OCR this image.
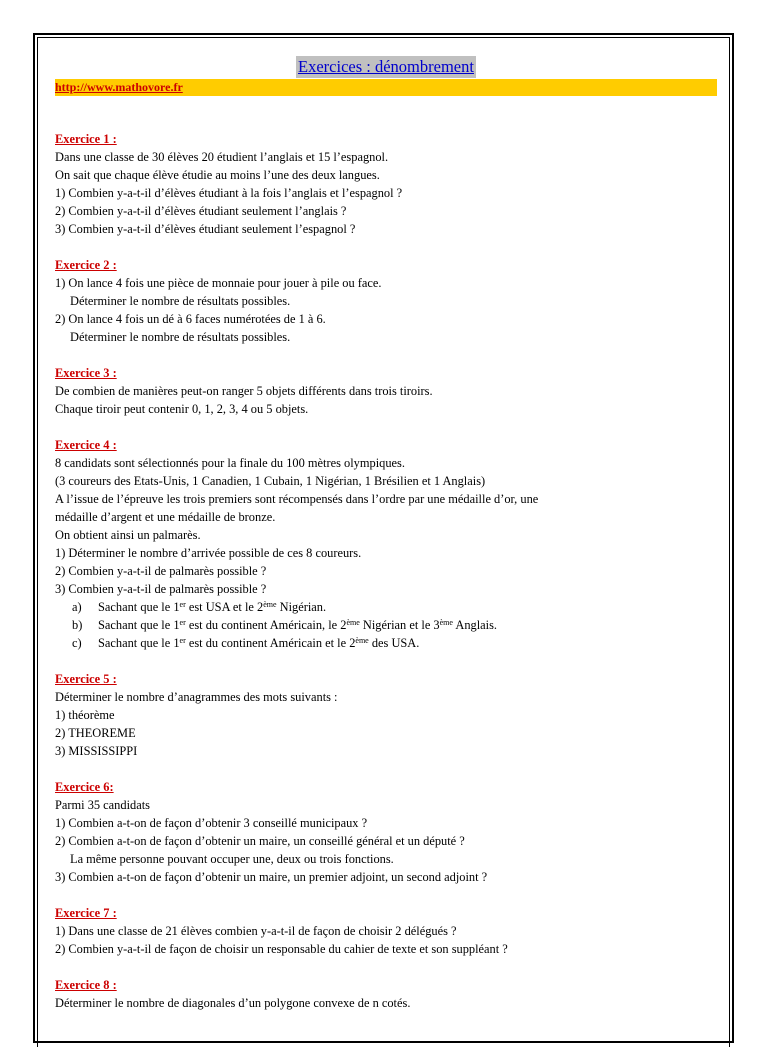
Exercices : dénombrement
http://www.mathovore.fr
Exercice 1 :
Dans une classe de 30 élèves 20 étudient l’anglais et 15 l’espagnol.
On sait que chaque élève étudie au moins l’une des deux langues.
1) Combien y-a-t-il d’élèves étudiant à la fois l’anglais et l’espagnol ?
2) Combien y-a-t-il d’élèves étudiant seulement l’anglais ?
3) Combien y-a-t-il d’élèves étudiant seulement l’espagnol ?
Exercice 2 :
1) On lance 4 fois une pièce de monnaie pour jouer à pile ou face.
Déterminer le nombre de résultats possibles.
2) On lance 4 fois un dé à 6 faces numérotées de 1 à 6.
Déterminer le nombre de résultats possibles.
Exercice 3 :
De combien de manières peut-on ranger 5 objets différents dans trois tiroirs.
Chaque tiroir peut contenir 0, 1, 2, 3, 4 ou 5 objets.
Exercice 4 :
8 candidats sont sélectionnés pour la finale du 100 mètres olympiques.
(3 coureurs des Etats-Unis, 1 Canadien, 1 Cubain, 1 Nigérian, 1 Brésilien et 1 Anglais)
A l’issue de l’épreuve les trois premiers sont récompensés dans l’ordre par une médaille d’or, une
médaille d’argent et une médaille de bronze.
On obtient ainsi un palmarès.
1) Déterminer le nombre d’arrivée possible de ces 8 coureurs.
2) Combien y-a-t-il de palmarès possible ?
3) Combien y-a-t-il de palmarès possible ?
a)	Sachant que le 1er est USA et le 2ème Nigérian.
b)	Sachant que le 1er est du continent Américain, le 2ème Nigérian et le 3ème Anglais.
c)	Sachant que le 1er est du continent Américain et le 2ème des USA.
Exercice 5 :
Déterminer le nombre d’anagrammes des mots suivants :
1) théorème
2) THEOREME
3) MISSISSIPPI
Exercice 6:
Parmi 35 candidats
1) Combien a-t-on de façon d’obtenir 3 conseillé municipaux ?
2) Combien a-t-on de façon d’obtenir un maire, un conseillé général et un député ?
La même personne pouvant occuper une, deux ou trois fonctions.
3) Combien a-t-on de façon d’obtenir un maire, un premier adjoint, un second adjoint ?
Exercice 7 :
1) Dans une classe de 21 élèves combien y-a-t-il de façon de choisir 2 délégués ?
2) Combien y-a-t-il de façon de choisir un responsable du cahier de texte et son suppléant ?
Exercice 8 :
Déterminer le nombre de diagonales d’un polygone convexe de n cotés.
